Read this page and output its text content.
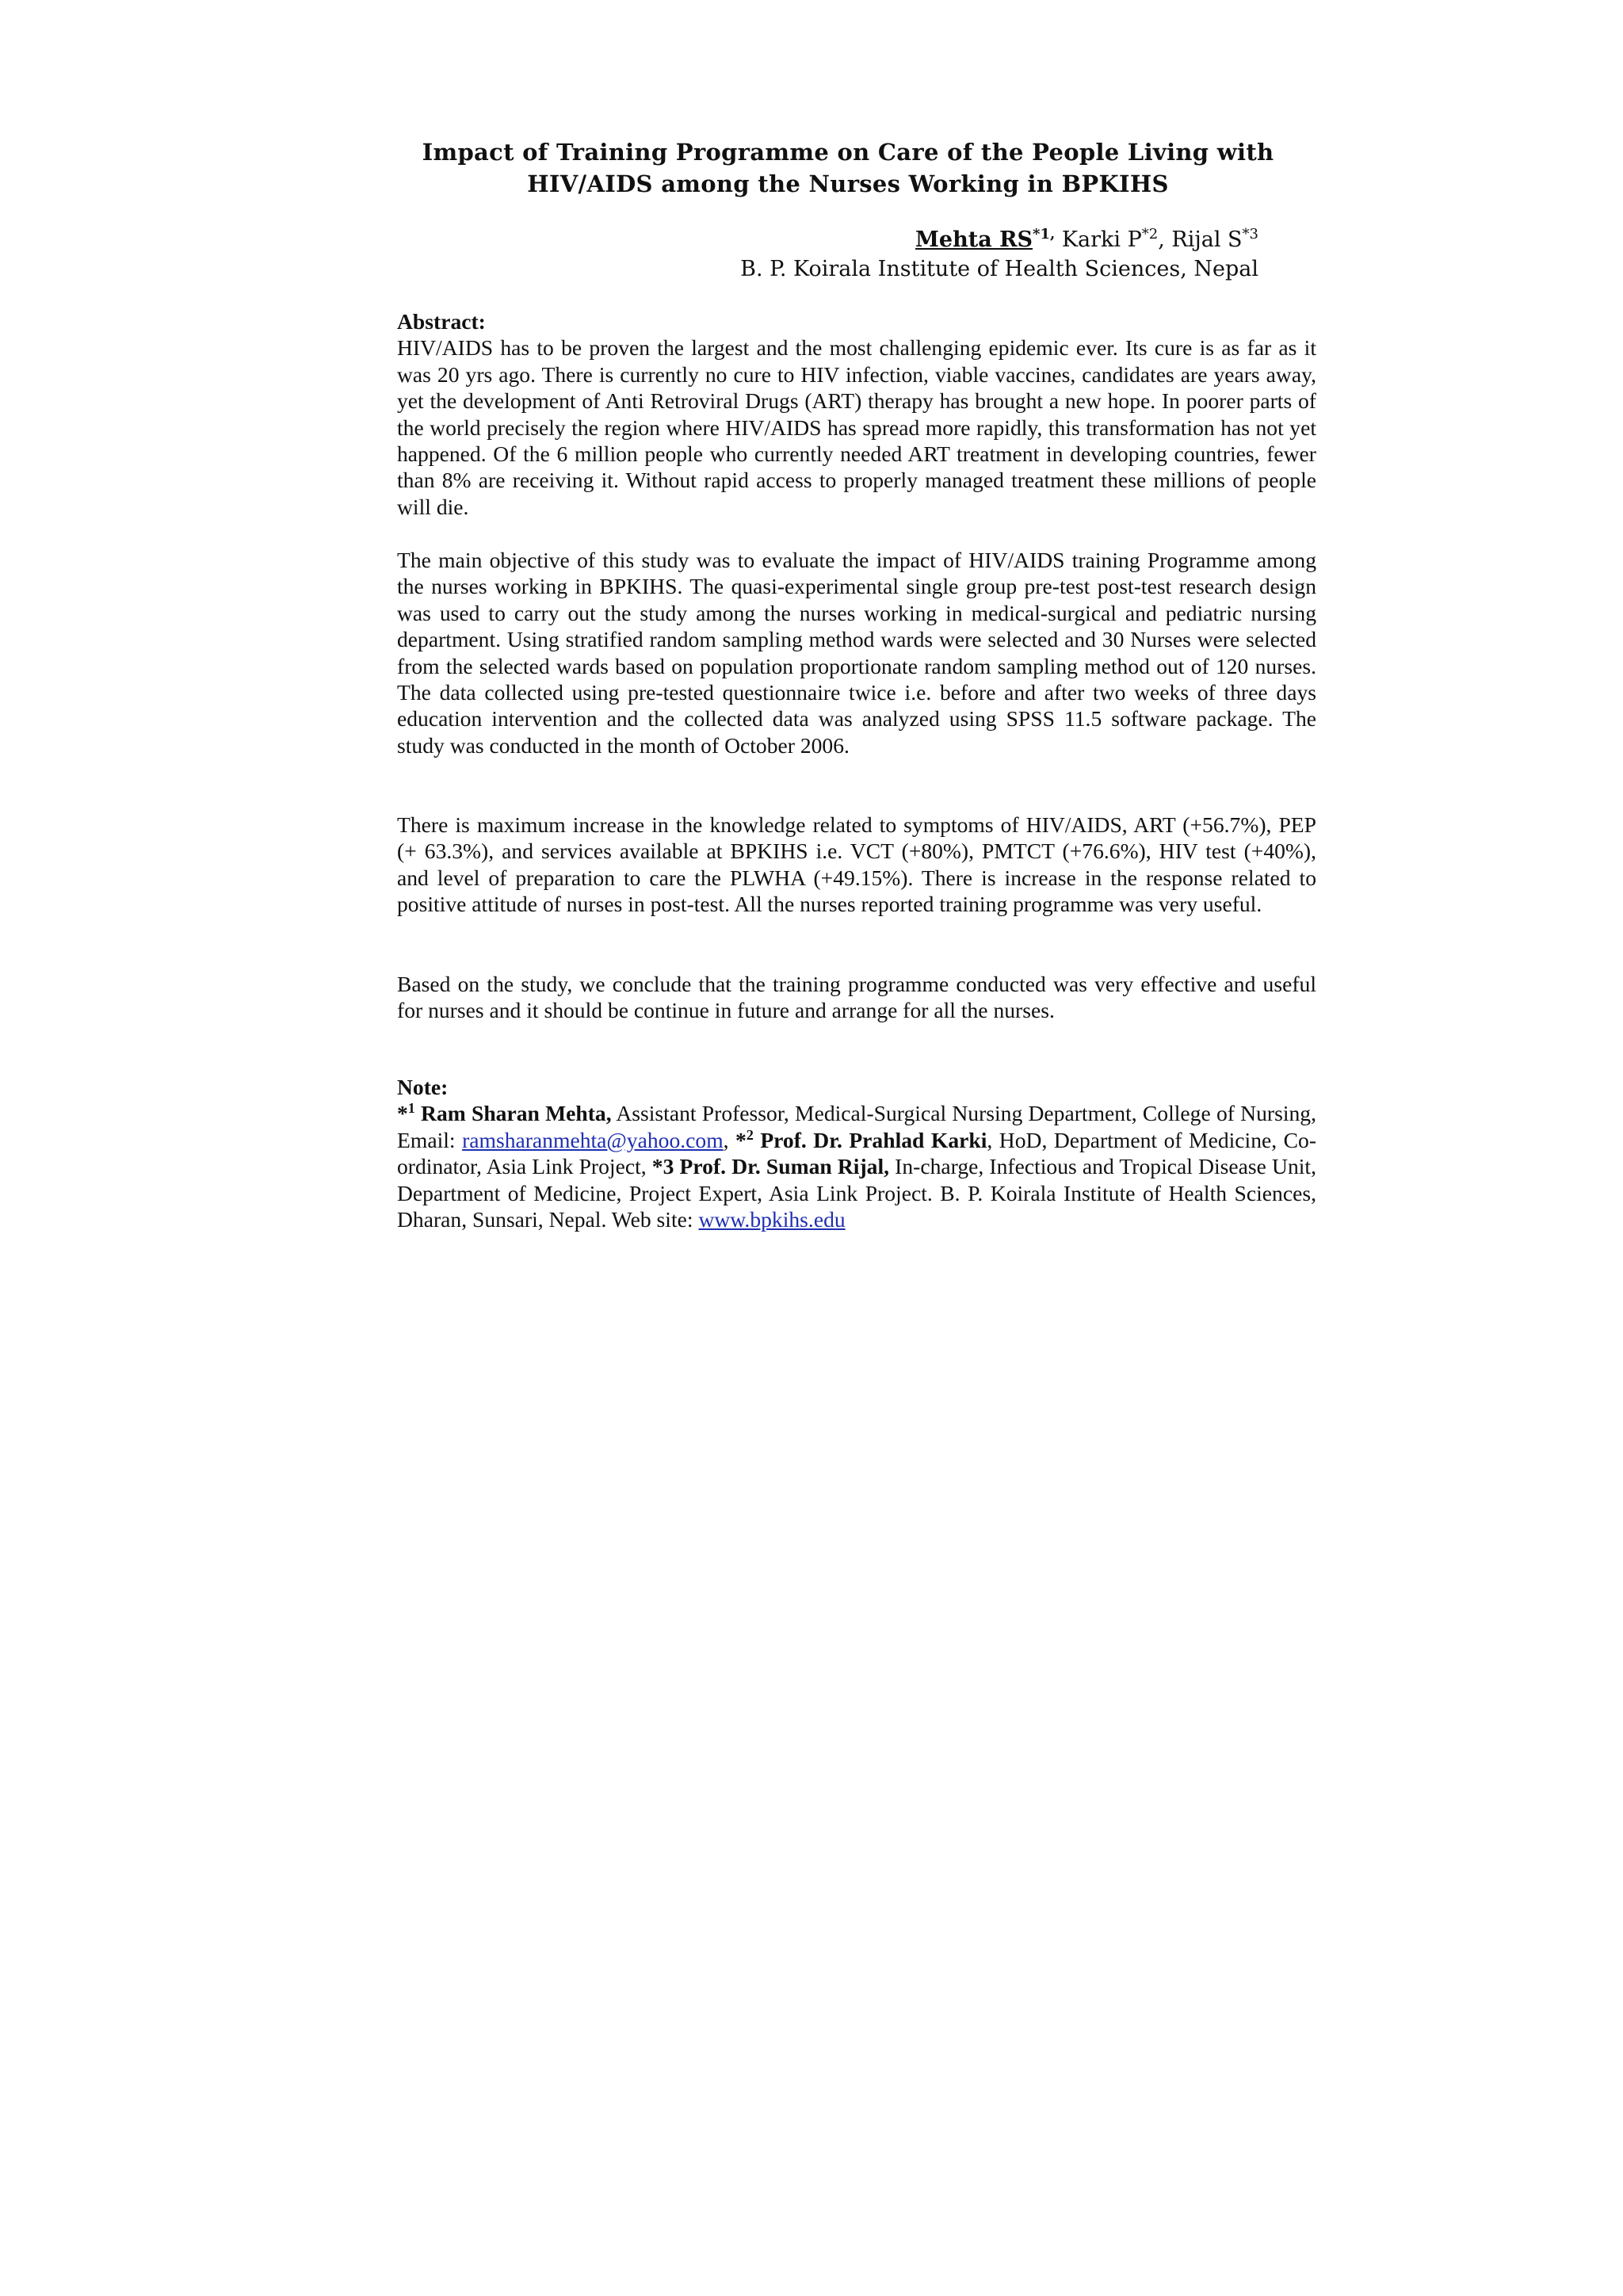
Impact of Training Programme on Care of the People Living with
HIV/AIDS among the Nurses Working in BPKIHS
Mehta $RS^{*1,}$ Karki $P^{*2}$, Rijal $S^{*3}$
B. P. Koirala Institute of Health Sciences, Nepal
Abstract:

HIV/AIDS has to be proven the largest and the most challenging epidemic ever. Its cure is as far as it was 20 yrs ago. There is currently no cure to HIV infection, viable vaccines, candidates are years away, yet the development of Anti Retroviral Drugs (ART) therapy has brought a new hope. In poorer parts of the world precisely the region where HIV/AIDS has spread more rapidly, this transformation has not yet happened. Of the 6 million people who currently needed ART treatment in developing countries, fewer than 8% are receiving it. Without rapid access to properly managed treatment these millions of people will die.

The main objective of this study was to evaluate the impact of HIV/AIDS training Programme among the nurses working in BPKIHS. The quasi-experimental single group pre-test post-test research design was used to carry out the study among the nurses working in medical-surgical and pediatric nursing department. Using stratified random sampling method wards were selected and 30 Nurses were selected from the selected wards based on population proportionate random sampling method out of 120 nurses. The data collected using pre-tested questionnaire twice i.e. before and after two weeks of three days education intervention and the collected data was analyzed using SPSS 11.5 software package. The study was conducted in the month of October 2006.

There is maximum increase in the knowledge related to symptoms of HIV/AIDS, ART (+56.7%), PEP (+ 63.3%), and services available at BPKIHS i.e. VCT (+80%), PMTCT (+76.6%), HIV test (+40%), and level of preparation to care the PLWHA (+49.15%). There is increase in the response related to positive attitude of nurses in post-test. All the nurses reported training programme was very useful.

Based on the study, we conclude that the training programme conducted was very effective and useful for nurses and it should be continue in future and arrange for all the nurses.

Note:

*$^1$ Ram Sharan Mehta, Assistant Professor, Medical-Surgical Nursing Department, College of Nursing, Email: ramsharanmehta@yahoo.com, *$^2$ Prof. Dr. Prahlad Karki, HoD, Department of Medicine, Co-ordinator, Asia Link Project, *3 Prof. Dr. Suman Rijal, In-charge, Infectious and Tropical Disease Unit, Department of Medicine, Project Expert, Asia Link Project. B. P. Koirala Institute of Health Sciences, Dharan, Sunsari, Nepal. Web site: www.bpkihs.edu
